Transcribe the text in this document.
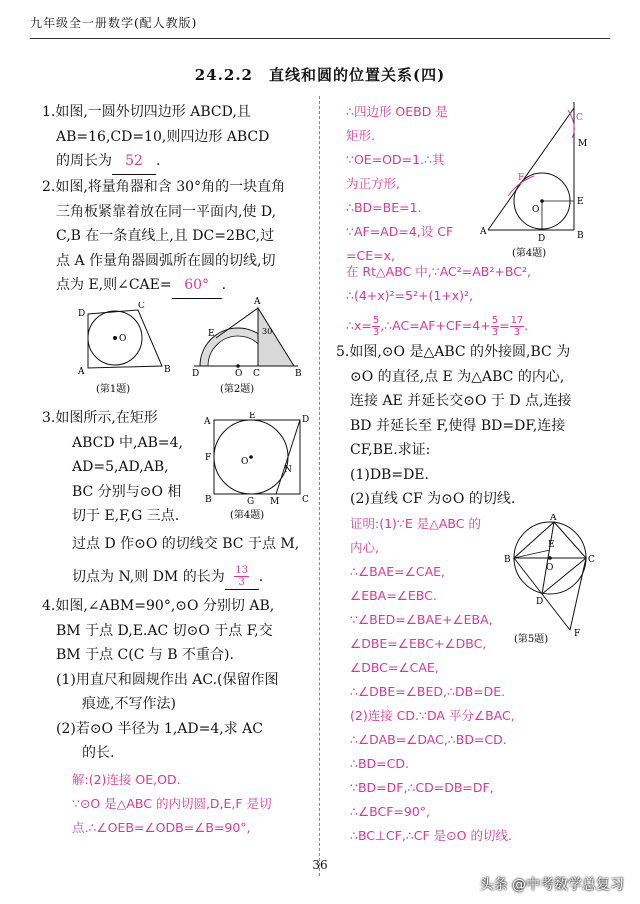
九年级全一册数学(配人教版)
24.2.2　直线和圆的位置关系(四)
1.如图,一圆外切四边形 ABCD,且
AB=16,CD=10,则四边形 ABCD
的周长为 52 .
2.如图,将量角器和含 30°角的一块直角
三角板紧靠着放在同一平面内,使 D,
C,B 在一条直线上,且 DC=2BC,过
点 A 作量角器圆弧所在圆的切线,切
点为 E,则∠CAE= 60° .
D
C
A	B
O
(第1题)
A
E
D	O C	B
30
(第2题)
3.如图所示,在矩形
ABCD 中,AB=4,
AD=5,AD,AB,
BC 分别与⊙O 相
切于 E,F,G 三点.
过点 D 作⊙O 的切线交 BC 于点 M,
切点为 N,则 DM 的长为 $\frac{13}{3}$ .
A
E	D
F	O
N
B	G M	C
(第4题)
4.如图,∠ABM=90°,⊙O 分别切 AB,
BM 于点 D,E.AC 切⊙O 于点 F,交
BM 于点 C(C 与 B 不重合).
(1)用直尺和圆规作出 AC.(保留作图
痕迹,不写作法)
(2)若⊙O 半径为 1,AD=4,求 AC
的长.
解:(2)连接 OE,OD.
∵⊙O 是△ABC 的内切圆,D,E,F 是切
点.∴∠OEB=∠ODB=∠B=90°,
∴四边形 OEBD 是
矩形.
∵OE=OD=1.∴其
为正方形,
∴BD=BE=1.
∵AF=AD=4,设 CF
=CE=x,
在 Rt△ABC 中,∵AC²=AB²+BC²,
∴(4+x)²=5²+(1+x)²,
∴x= $\frac{5}{3}$ ,∴AC=AF+CF=4+ $\frac{5}{3} = \frac{17}{3}$ .
C
M
F
O
E
A
D	B
(第4题)
5.如图,⊙O 是△ABC 的外接圆,BC 为
⊙O 的直径,点 E 为△ABC 的内心,
连接 AE 并延长交⊙O 于 D 点,连接
BD 并延长至 F,使得 BD=DF,连接
CF,BE.求证:
(1)DB=DE.
(2)直线 CF 为⊙O 的切线.
证明:(1)∵E 是△ABC 的
内心,
∴∠BAE=∠CAE,
∠EBA=∠EBC.
∵∠BED=∠BAE+∠EBA,
∠DBE=∠EBC+∠DBC,
∠DBC=∠CAE,
∴∠DBE=∠BED,∴DB=DE.
(2)连接 CD.∵DA 平分∠BAC,
∴∠DAB=∠DAC,∴BD=CD.
∴BD=CD.
∵BD=DF,∴CD=DB=DF,
∴∠BCF=90°,
∴BC⊥CF,∴CF 是⊙O 的切线.
A
B
E
O
C
D
F
(第5题)
36
头条 @中考数学总复习
